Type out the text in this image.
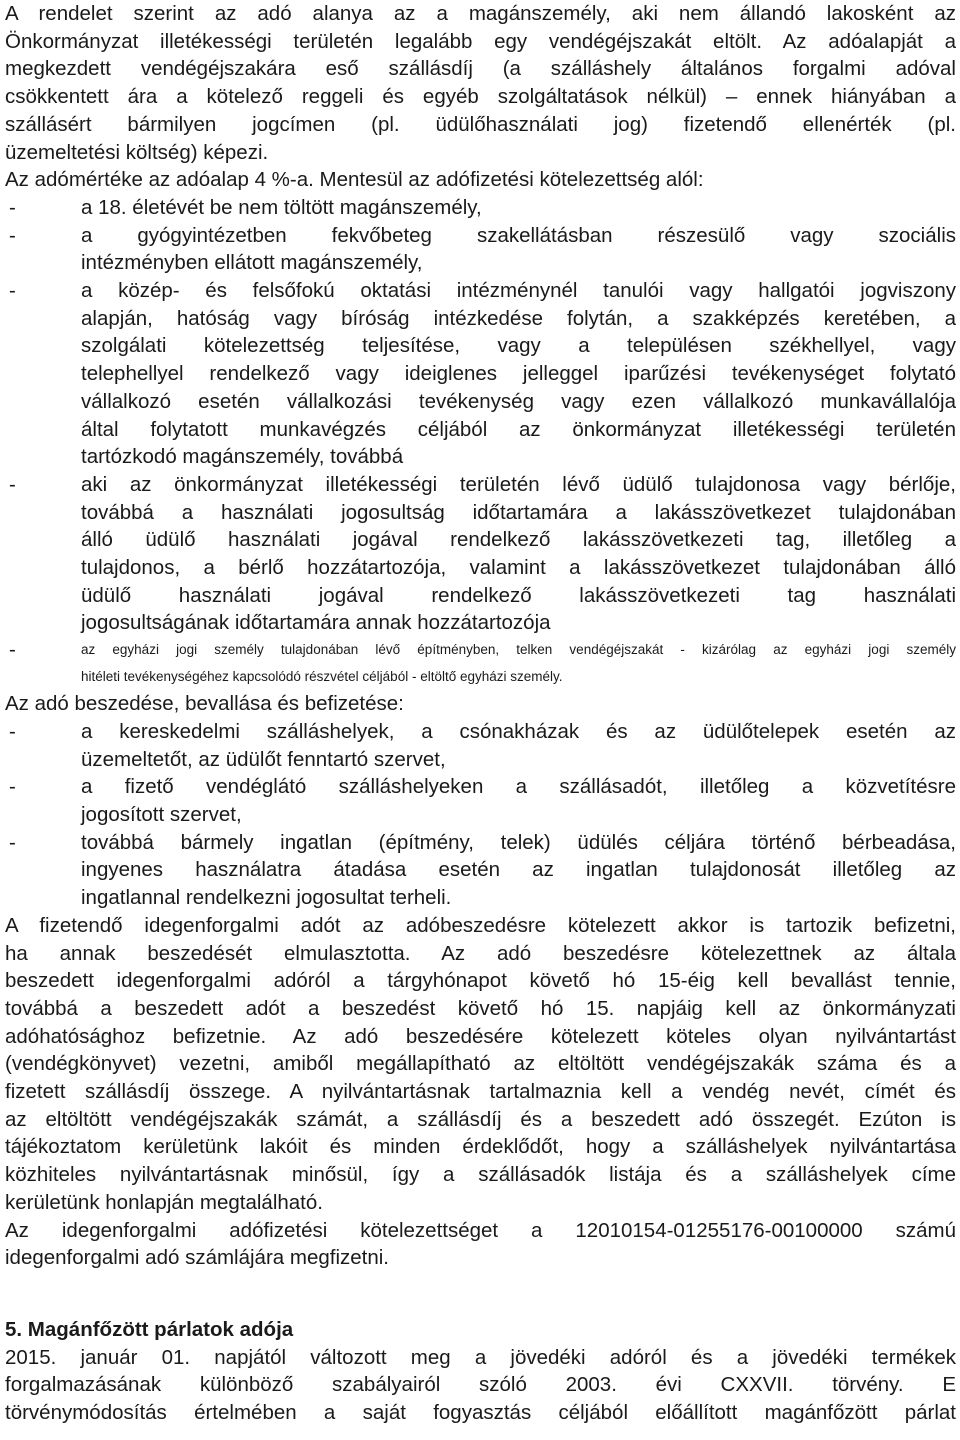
A rendelet szerint az adó alanya az a magánszemély, aki nem állandó lakosként az

Önkormányzat illetékességi területén legalább egy vendégéjszakát eltölt. Az adóalapját a

megkezdett vendégéjszakára eső szállásdíj (a szálláshely általános forgalmi adóval

csökkentett ára a kötelező reggeli és egyéb szolgáltatások nélkül) – ennek hiányában a

szállásért bármilyen jogcímen (pl. üdülőhasználati jog) fizetendő ellenérték (pl.

üzemeltetési költség) képezi.

Az adómértéke az adóalap 4 %-a. Mentesül az adófizetési kötelezettség alól:

-	a 18. életévét be nem töltött magánszemély,

-	a gyógyintézetben fekvőbeteg szakellátásban részesülő vagy szociális

intézményben ellátott magánszemély,

-	a közép- és felsőfokú oktatási intézménynél tanulói vagy hallgatói jogviszony

alapján, hatóság vagy bíróság intézkedése folytán, a szakképzés keretében, a

szolgálati kötelezettség teljesítése, vagy a településen székhellyel, vagy

telephellyel rendelkező vagy ideiglenes jelleggel iparűzési tevékenységet folytató

vállalkozó esetén vállalkozási tevékenység vagy ezen vállalkozó munkavállalója

által folytatott munkavégzés céljából az önkormányzat illetékességi területén

tartózkodó magánszemély, továbbá

-	aki az önkormányzat illetékességi területén lévő üdülő tulajdonosa vagy bérlője,

továbbá a használati jogosultság időtartamára a lakásszövetkezet tulajdonában

álló üdülő használati jogával rendelkező lakásszövetkezeti tag, illetőleg a

tulajdonos, a bérlő hozzátartozója, valamint a lakásszövetkezet tulajdonában álló

üdülő használati jogával rendelkező lakásszövetkezeti tag használati

jogosultságának időtartamára annak hozzátartozója

-	az egyházi jogi személy tulajdonában lévő építményben, telken vendégéjszakát - kizárólag az egyházi jogi személy

hitéleti tevékenységéhez kapcsolódó részvétel céljából - eltöltő egyházi személy.

Az adó beszedése, bevallása és befizetése:

-	a kereskedelmi szálláshelyek, a csónakházak és az üdülőtelepek esetén az

üzemeltetőt, az üdülőt fenntartó szervet,

-	a fizető vendéglátó szálláshelyeken a szállásadót, illetőleg a közvetítésre

jogosított szervet,

-	továbbá bármely ingatlan (építmény, telek) üdülés céljára történő bérbeadása,

ingyenes használatra átadása esetén az ingatlan tulajdonosát illetőleg az

ingatlannal rendelkezni jogosultat terheli.

A fizetendő idegenforgalmi adót az adóbeszedésre kötelezett akkor is tartozik befizetni,

ha annak beszedését elmulasztotta. Az adó beszedésre kötelezettnek az általa

beszedett idegenforgalmi adóról a tárgyhónapot követő hó 15-éig kell bevallást tennie,

továbbá a beszedett adót a beszedést követő hó 15. napjáig kell az önkormányzati

adóhatósághoz befizetnie. Az adó beszedésére kötelezett köteles olyan nyilvántartást

(vendégkönyvet) vezetni, amiből megállapítható az eltöltött vendégéjszakák száma és a

fizetett szállásdíj összege. A nyilvántartásnak tartalmaznia kell a vendég nevét, címét és

az eltöltött vendégéjszakák számát, a szállásdíj és a beszedett adó összegét. Ezúton is

tájékoztatom kerületünk lakóit és minden érdeklődőt, hogy a szálláshelyek nyilvántartása

közhiteles nyilvántartásnak minősül, így a szállásadók listája és a szálláshelyek címe

kerületünk honlapján megtalálható.

Az idegenforgalmi adófizetési kötelezettséget a 12010154-01255176-00100000 számú

idegenforgalmi adó számlájára megfizetni.

5. Magánfőzött párlatok adója

2015. január 01. napjától változott meg a jövedéki adóról és a jövedéki termékek

forgalmazásának különböző szabályairól szóló 2003. évi CXXVII. törvény. E

törvénymódosítás értelmében a saját fogyasztás céljából előállított magánfőzött párlat
